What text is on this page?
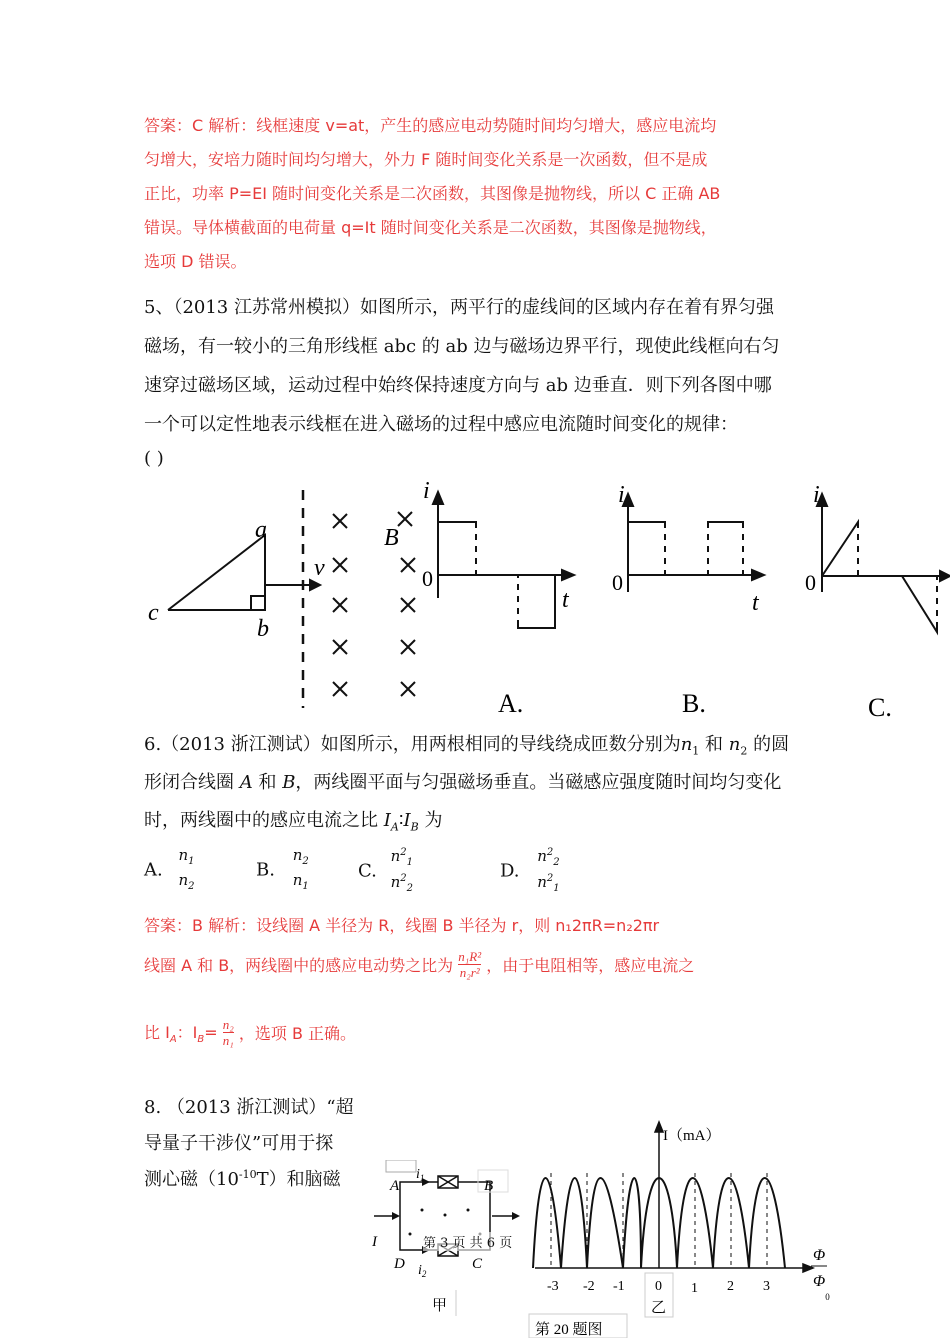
答案：C 解析：线框速度 v=at，产生的感应电动势随时间均匀增大，感应电流均
匀增大，安培力随时间均匀增大，外力 F 随时间变化关系是一次函数，但不是成
正比，功率 P=EI 随时间变化关系是二次函数，其图像是抛物线，所以 C 正确 AB
错误。导体横截面的电荷量 q=It 随时间变化关系是二次函数，其图像是抛物线，
选项 D 错误。
5、（2013 江苏常州模拟）如图所示，两平行的虚线间的区域内存在着有界匀强
磁场，有一较小的三角形线框 abc 的 ab 边与磁场边界平行，现使此线框向右匀
速穿过磁场区域，运动过程中始终保持速度方向与 ab 边垂直．则下列各图中哪
一个可以定性地表示线框在进入磁场的过程中感应电流随时间变化的规律：
( )
a
b
c
v
B
i
0
t
A.
i
0
t
B.
i
0
C.
6.（2013 浙江测试）如图所示，用两根相同的导线绕成匝数分别为$n_1$ 和 $n_2$ 的圆
形闭合线圈 A 和 B，两线圈平面与匀强磁场垂直。当磁感应强度随时间均匀变化
时，两线圈中的感应电流之比 $I_A∶I_B$ 为
A.
$n_1$
$n_2$
B.
$n_2$
$n_1$
C.
$n^2_1$
$n^2_2$
D.
$n^2_2$
$n^2_1$
答案：B 解析：设线圈 A 半径为 R，线圈 B 半径为 r，则 n₁2πR=n₂2πr
线圈 A 和 B，两线圈中的感应电动势之比为 $\frac{\text{n₁R²}}{\text{n₂r²}}$ ，由于电阻相等，感应电流之
比 $I_A$：$I_B= \frac{\text{n₂}}{\text{n₁}}$ ，选项 B 正确。
8. （2013 浙江测试）“超
导量子干涉仪”可用于探
测心磁$(10^{-10}T)$和脑磁	A	B
D	C
$i_1$
$i_2$
I
甲
第 3 页 共 6 页
I（mA）
-3 -2 -1 0 1 2 3
Φ
$\Phi_0$
乙
第 20 题图
